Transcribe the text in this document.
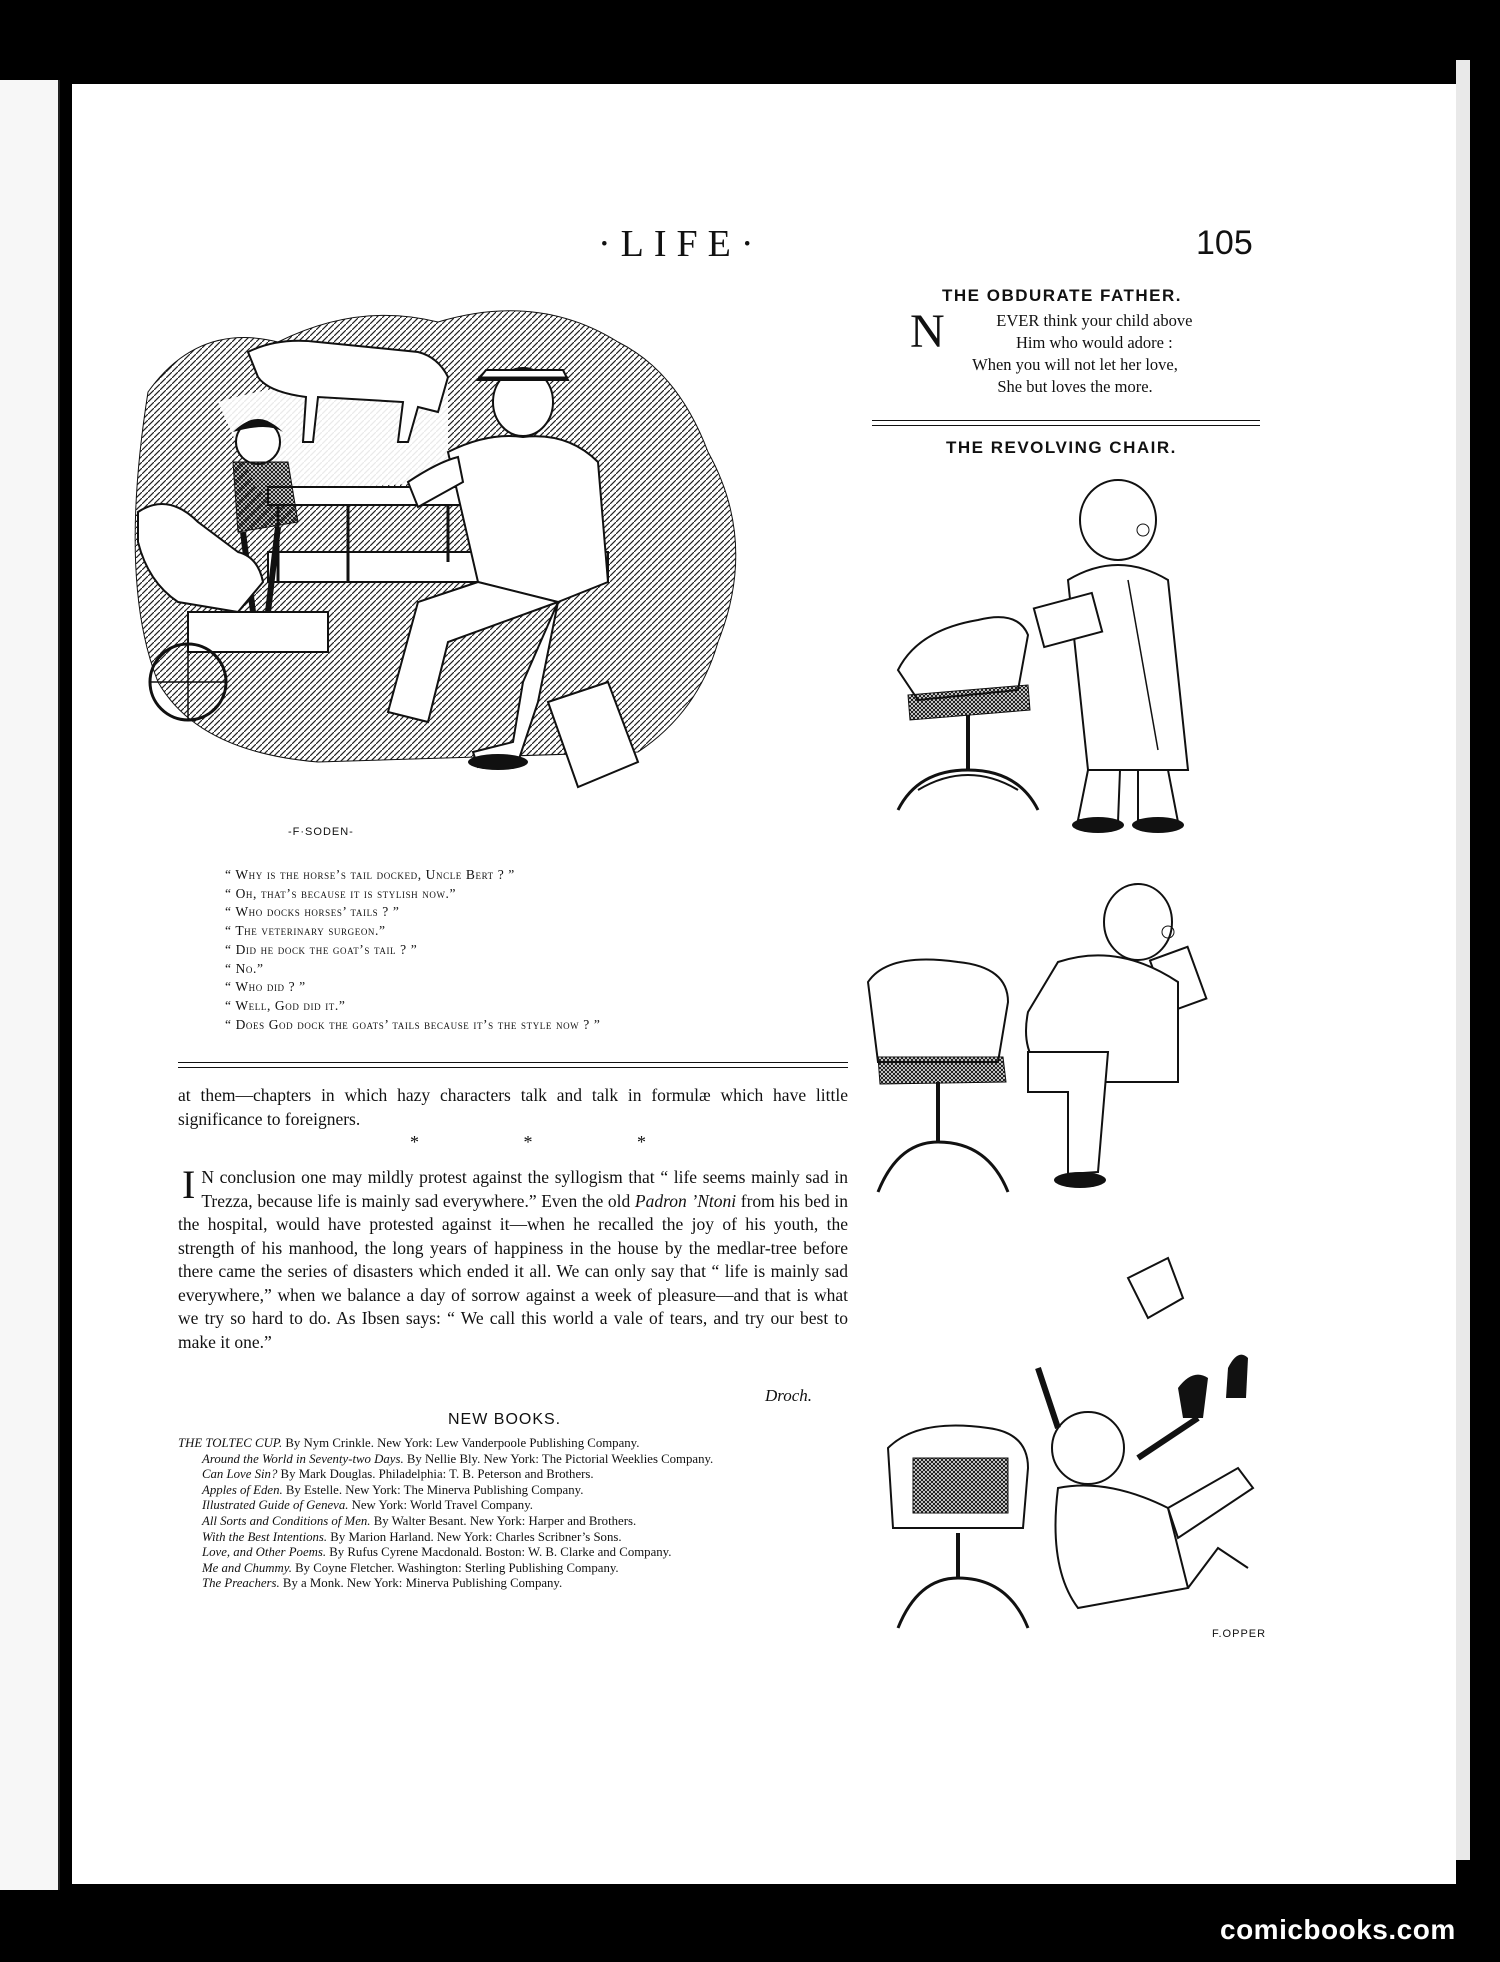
·LIFE·	105
THE OBDURATE FATHER.
N	EVER think your child above
Him who would adore :
When you will not let her love,
She but loves the more.
THE REVOLVING CHAIR.
-F·SODEN-
“ Why is the horse’s tail docked, Uncle Bert ? ”
“ Oh, that’s because it is stylish now.”
“ Who docks horses’ tails ? ”
“ The veterinary surgeon.”
“ Did he dock the goat’s tail ? ”
“ No.”
“ Who did ? ”
“ Well, God did it.”
“ Does God dock the goats’ tails because it’s the style now ? ”
at them—chapters in which hazy characters talk and talk in formulæ which have little significance to foreigners.
* * *
I N conclusion one may mildly protest against the syllogism that “ life seems mainly sad in Trezza, because life is mainly sad everywhere.” Even the old Padron ’Ntoni from his bed in the hospital, would have protested against it—when he recalled the joy of his youth, the strength of his manhood, the long years of happiness in the house by the medlar-tree before there came the series of disasters which ended it all. We can only say that “ life is mainly sad everywhere,” when we balance a day of sorrow against a week of pleasure—and that is what we try so hard to do. As Ibsen says: “ We call this world a vale of tears, and try our best to make it one.”
Droch.
NEW BOOKS.

THE TOLTEC CUP. By Nym Crinkle. New York: Lew Vanderpoole Publishing Company.

Around the World in Seventy-two Days. By Nellie Bly. New York: The Pictorial Weeklies Company.

Can Love Sin? By Mark Douglas. Philadelphia: T. B. Peterson and Brothers.

Apples of Eden. By Estelle. New York: The Minerva Publishing Company.

Illustrated Guide of Geneva. New York: World Travel Company.

All Sorts and Conditions of Men. By Walter Besant. New York: Harper and Brothers.

With the Best Intentions. By Marion Harland. New York: Charles Scribner’s Sons.

Love, and Other Poems. By Rufus Cyrene Macdonald. Boston: W. B. Clarke and Company.

Me and Chummy. By Coyne Fletcher. Washington: Sterling Publishing Company.

The Preachers. By a Monk. New York: Minerva Publishing Company.

F.OPPER
comicbooks.com
